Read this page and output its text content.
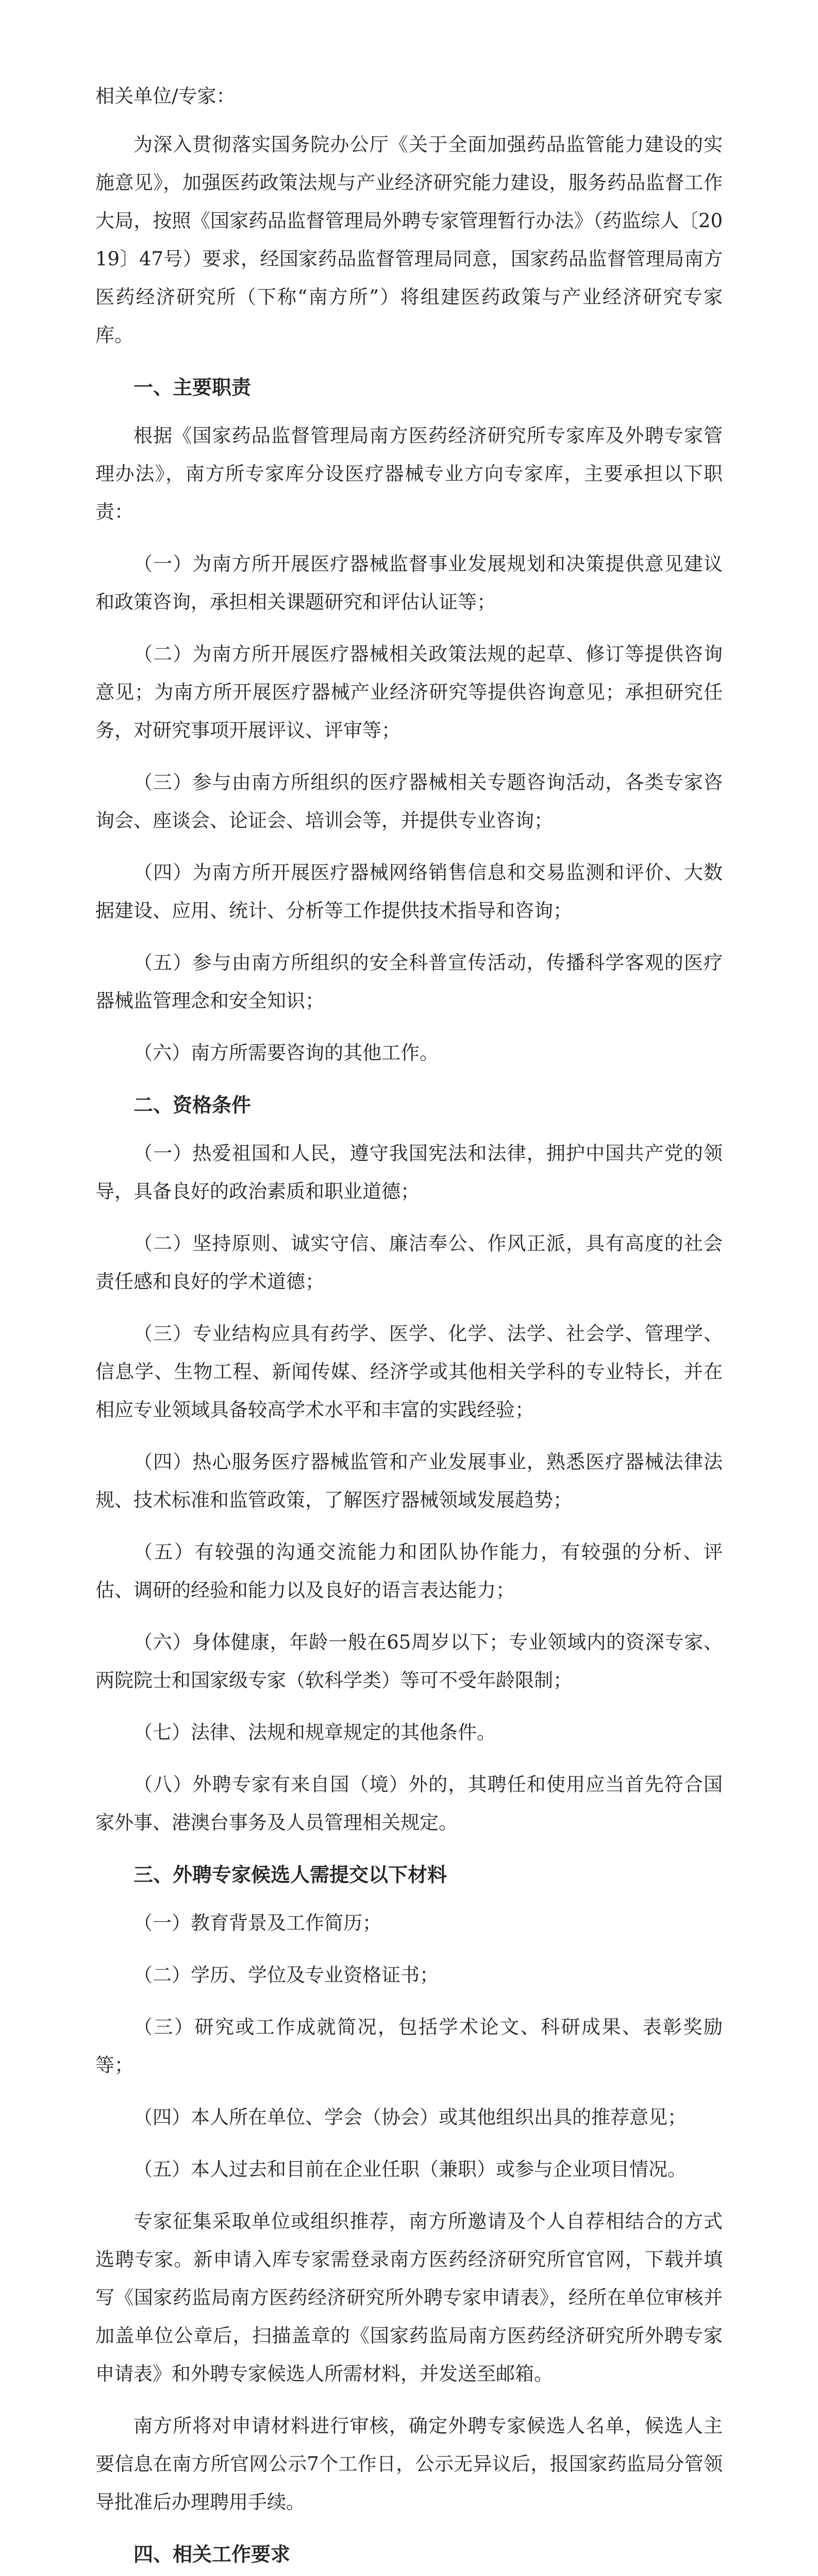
相关单位/专家：

为深入贯彻落实国务院办公厅《关于全面加强药品监管能力建设的实施意见》，加强医药政策法规与产业经济研究能力建设，服务药品监督工作大局，按照《国家药品监督管理局外聘专家管理暂行办法》（药监综人〔2019〕47号）要求，经国家药品监督管理局同意，国家药品监督管理局南方医药经济研究所（下称“南方所”）将组建医药政策与产业经济研究专家库。

一、主要职责

根据《国家药品监督管理局南方医药经济研究所专家库及外聘专家管理办法》，南方所专家库分设医疗器械专业方向专家库，主要承担以下职责：

（一）为南方所开展医疗器械监督事业发展规划和决策提供意见建议和政策咨询，承担相关课题研究和评估认证等；

（二）为南方所开展医疗器械相关政策法规的起草、修订等提供咨询意见；为南方所开展医疗器械产业经济研究等提供咨询意见；承担研究任务，对研究事项开展评议、评审等；

（三）参与由南方所组织的医疗器械相关专题咨询活动，各类专家咨询会、座谈会、论证会、培训会等，并提供专业咨询；

（四）为南方所开展医疗器械网络销售信息和交易监测和评价、大数据建设、应用、统计、分析等工作提供技术指导和咨询；

（五）参与由南方所组织的安全科普宣传活动，传播科学客观的医疗器械监管理念和安全知识；

（六）南方所需要咨询的其他工作。

二、资格条件

（一）热爱祖国和人民，遵守我国宪法和法律，拥护中国共产党的领导，具备良好的政治素质和职业道德；

（二）坚持原则、诚实守信、廉洁奉公、作风正派，具有高度的社会责任感和良好的学术道德；

（三）专业结构应具有药学、医学、化学、法学、社会学、管理学、信息学、生物工程、新闻传媒、经济学或其他相关学科的专业特长，并在相应专业领域具备较高学术水平和丰富的实践经验；

（四）热心服务医疗器械监管和产业发展事业，熟悉医疗器械法律法规、技术标准和监管政策，了解医疗器械领域发展趋势；

（五）有较强的沟通交流能力和团队协作能力，有较强的分析、评估、调研的经验和能力以及良好的语言表达能力；

（六）身体健康，年龄一般在65周岁以下；专业领域内的资深专家、两院院士和国家级专家（软科学类）等可不受年龄限制；

（七）法律、法规和规章规定的其他条件。

（八）外聘专家有来自国（境）外的，其聘任和使用应当首先符合国家外事、港澳台事务及人员管理相关规定。

三、外聘专家候选人需提交以下材料

（一）教育背景及工作简历；

（二）学历、学位及专业资格证书；

（三）研究或工作成就简况，包括学术论文、科研成果、表彰奖励等；

（四）本人所在单位、学会（协会）或其他组织出具的推荐意见；

（五）本人过去和目前在企业任职（兼职）或参与企业项目情况。

专家征集采取单位或组织推荐，南方所邀请及个人自荐相结合的方式选聘专家。新申请入库专家需登录南方医药经济研究所官官网，下载并填写《国家药监局南方医药经济研究所外聘专家申请表》，经所在单位审核并加盖单位公章后，扫描盖章的《国家药监局南方医药经济研究所外聘专家申请表》和外聘专家候选人所需材料，并发送至邮箱。

南方所将对申请材料进行审核，确定外聘专家候选人名单，候选人主要信息在南方所官网公示7个工作日，公示无异议后，报国家药监局分管领导批准后办理聘用手续。

四、相关工作要求
